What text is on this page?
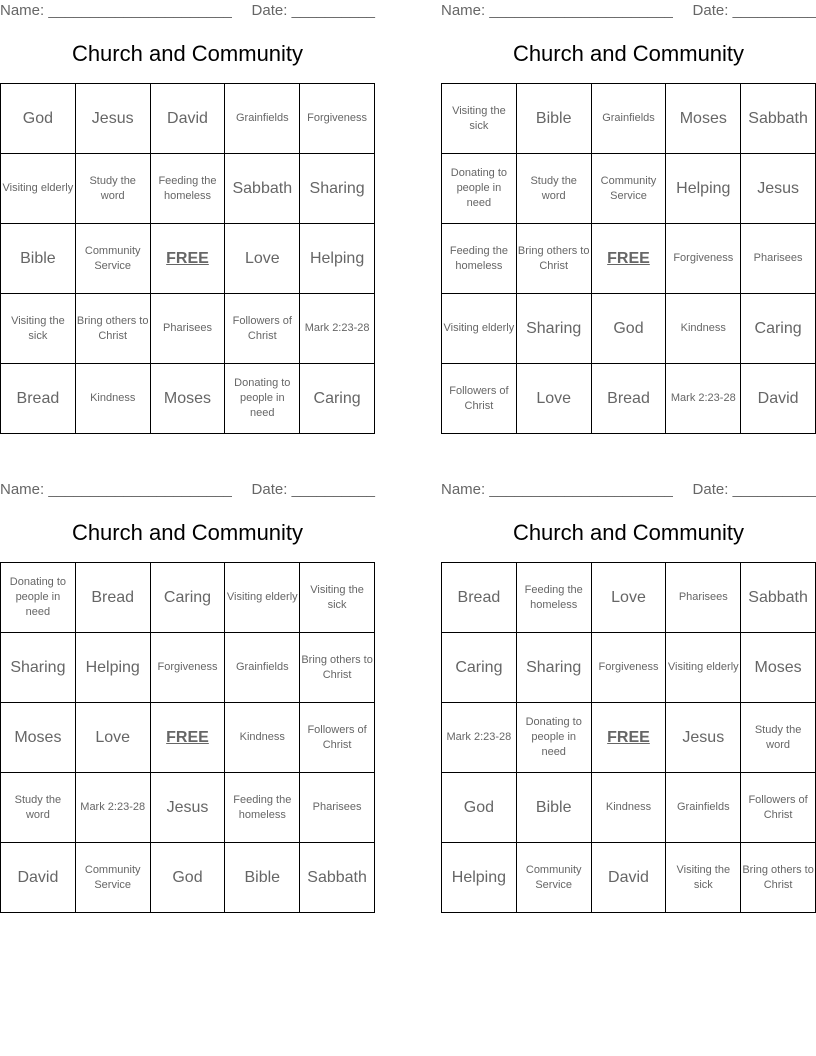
Name: ______________________ Date: __________
Church and Community
God	Jesus	David	Grainfields	Forgiveness
Visiting elderly	Study the word	Feeding the homeless	Sabbath	Sharing
Bible	Community Service	FREE	Love	Helping
Visiting the sick	Bring others to Christ	Pharisees	Followers of Christ	Mark 2:23-28
Bread	Kindness	Moses	Donating to people in need	Caring
Name: ______________________ Date: __________
Church and Community
Visiting the sick	Bible	Grainfields	Moses	Sabbath
Donating to people in need	Study the word	Community Service	Helping	Jesus
Feeding the homeless	Bring others to Christ	FREE	Forgiveness	Pharisees
Visiting elderly	Sharing	God	Kindness	Caring
Followers of Christ	Love	Bread	Mark 2:23-28	David
Name: ______________________ Date: __________
Church and Community
Donating to people in need	Bread	Caring	Visiting elderly	Visiting the sick
Sharing	Helping	Forgiveness	Grainfields	Bring others to Christ
Moses	Love	FREE	Kindness	Followers of Christ
Study the word	Mark 2:23-28	Jesus	Feeding the homeless	Pharisees
David	Community Service	God	Bible	Sabbath
Name: ______________________ Date: __________
Church and Community
Bread	Feeding the homeless	Love	Pharisees	Sabbath
Caring	Sharing	Forgiveness	Visiting elderly	Moses
Mark 2:23-28	Donating to people in need	FREE	Jesus	Study the word
God	Bible	Kindness	Grainfields	Followers of Christ
Helping	Community Service	David	Visiting the sick	Bring others to Christ
